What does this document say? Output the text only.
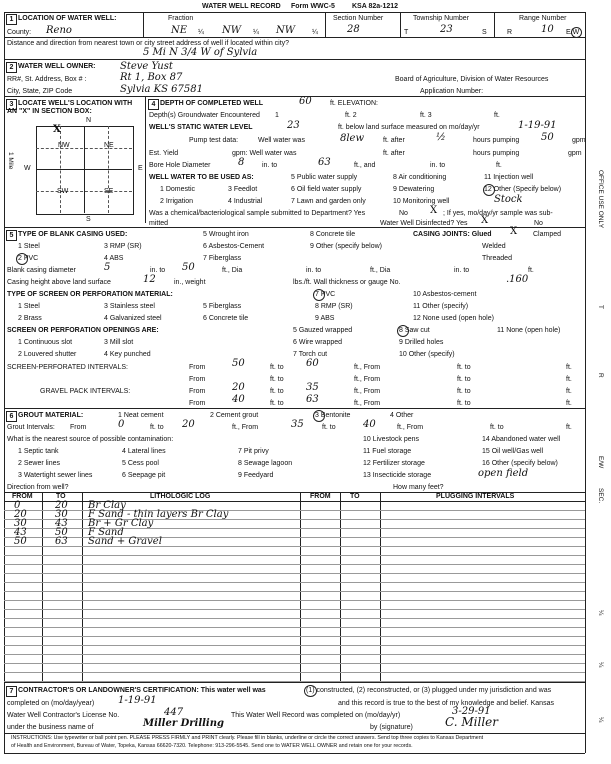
WATER WELL RECORD Form WWC-5 KSA 82a-1212
1 LOCATION OF WATER WELL:	Fraction	Section Number	Township Number	Range Number
County: Reno	NE ¼ NW ¼ NW ¼	28	T	23	S	R	10 E/W
Distance and direction from nearest town or city street address of well if located within city?
5 Mi N 3/4 W of Sylvia
2 WATER WELL OWNER: Steve Yust
RR#, St. Address, Box # :	Rt 1, Box 87	Board of Agriculture, Division of Water Resources
City, State, ZIP Code	Sylvia KS 67581	Application Number:
3 LOCATE WELL'S LOCATION WITH
AN "X" IN SECTION BOX:
N
S
W	E
NW	NE
SW	SE
X
1 Mile
4 DEPTH OF COMPLETED WELL	60	ft. ELEVATION:
Depth(s) Groundwater Encountered 1	ft. 2	ft. 3	ft.
WELL'S STATIC WATER LEVEL	23	ft. below land surface measured on mo/day/yr	1-19-91
Pump test data:	Well water was	8lew	ft. after	½	hours pumping 50	gpm
Est. Yield	gpm: Well water was	ft. after	hours pumping	gpm
Bore Hole Diameter	8	in. to	63	ft., and	in. to	ft.
WELL WATER TO BE USED AS:
1 Domestic
2 Irrigation
3 Feedlot
4 Industrial
5 Public water supply
6 Oil field water supply
7 Lawn and garden only
8 Air conditioning
9 Dewatering
10 Monitoring well
11 Injection well
12 Other (Specify below)
Stock
Was a chemical/bacteriological sample submitted to Department? Yes	No X ; If yes, mo/day/yr sample was sub-
mitted	Water Well Disinfected? Yes X	No
5 TYPE OF BLANK CASING USED:
1 Steel
2 PVC
3 RMP (SR)
4 ABS
5 Wrought iron
6 Asbestos-Cement
7 Fiberglass
8 Concrete tile
9 Other (specify below)
CASING JOINTS: Glued X Clamped
Welded
Threaded
Blank casing diameter	5	in. to 50	ft., Dia	in. to	ft., Dia	in. to	ft.
Casing height above land surface	12	in., weight	lbs./ft. Wall thickness or gauge No.	.160
TYPE OF SCREEN OR PERFORATION MATERIAL:
1 Steel
2 Brass
3 Stainless steel
4 Galvanized steel
5 Fiberglass
6 Concrete tile
7 PVC
8 RMP (SR)
9 ABS
10 Asbestos-cement
11 Other (specify)
12 None used (open hole)
SCREEN OR PERFORATION OPENINGS ARE:
1 Continuous slot
2 Louvered shutter
3 Mill slot
4 Key punched
5 Gauzed wrapped
6 Wire wrapped
7 Torch cut
8 Saw cut
9 Drilled holes
10 Other (specify)
11 None (open hole)
SCREEN-PERFORATED INTERVALS:	From	50	ft. to 60	ft., From	ft. to	ft.
From	ft. to	ft., From	ft. to	ft.
GRAVEL PACK INTERVALS:	From	20	ft. to 35	ft., From	ft. to	ft.
From	40	ft. to 63	ft., From	ft. to	ft.
6 GROUT MATERIAL:	1 Neat cement	2 Cement grout	3 Bentonite	4 Other
Grout Intervals: From	0	ft. to 20	ft., From	35	ft. to	40	ft., From	ft. to	ft.
What is the nearest source of possible contamination:
1 Septic tank
2 Sewer lines
3 Watertight sewer lines
4 Lateral lines
5 Cess pool
6 Seepage pit
7 Pit privy
8 Sewage lagoon
9 Feedyard
10 Livestock pens
11 Fuel storage
12 Fertilizer storage
13 Insecticide storage
14 Abandoned water well
15 Oil well/Gas well
16 Other (specify below)
open field
Direction from well?	How many feet?
FROM	TO	LITHOLOGIC LOG	FROM	TO	PLUGGING INTERVALS
0	20 Br Clay
20	30 F Sand - thin layers Br Clay
30	43 Br + Gr Clay
43	50 F Sand
50	63 Sand + Gravel
7 CONTRACTOR'S OR LANDOWNER'S CERTIFICATION: This water well was	(1) constructed, (2) reconstructed, or (3) plugged under my jurisdiction and was
completed on (mo/day/year) 1-19-91	and this record is true to the best of my knowledge and belief. Kansas
Water Well Contractor's License No.	447	This Water Well Record was completed on (mo/day/yr)	3-29-91
under the business name of	Miller Drilling	by (signature)	C. Miller
INSTRUCTIONS: Use typewriter or ball point pen. PLEASE PRESS FIRMLY and PRINT clearly. Please fill in blanks, underline or circle the correct answers. Send top three copies to Kansas Department
of Health and Environment, Bureau of Water, Topeka, Kansas 66620-7320. Telephone: 913-296-5545. Send one to WATER WELL OWNER and retain one for your records.
OFFICE USE ONLY
T
R
E/W
SEC.
¼
¼
¼
